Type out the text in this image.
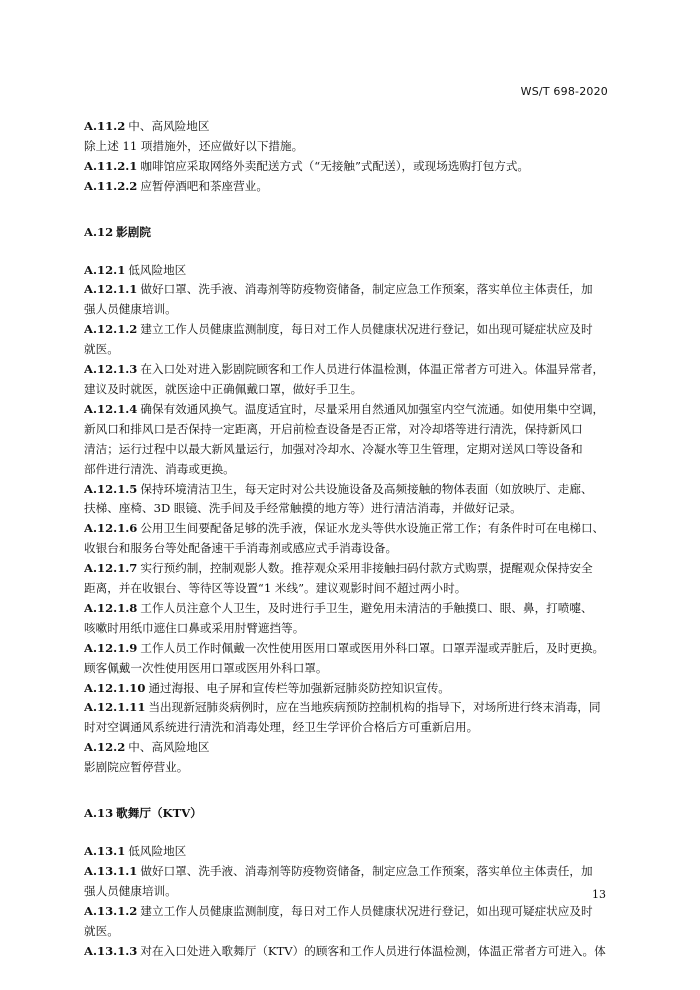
WS/T 698-2020

A.11.2 中、高风险地区

除上述 11 项措施外，还应做好以下措施。

A.11.2.1 咖啡馆应采取网络外卖配送方式（“无接触”式配送），或现场选购打包方式。

A.11.2.2 应暂停酒吧和茶座营业。

A.12 影剧院

A.12.1 低风险地区

A.12.1.1 做好口罩、洗手液、消毒剂等防疫物资储备，制定应急工作预案，落实单位主体责任，加

强人员健康培训。

A.12.1.2 建立工作人员健康监测制度，每日对工作人员健康状况进行登记，如出现可疑症状应及时

就医。

A.12.1.3 在入口处对进入影剧院顾客和工作人员进行体温检测，体温正常者方可进入。体温异常者，

建议及时就医，就医途中正确佩戴口罩，做好手卫生。

A.12.1.4 确保有效通风换气。温度适宜时，尽量采用自然通风加强室内空气流通。如使用集中空调，

新风口和排风口是否保持一定距离，开启前检查设备是否正常，对冷却塔等进行清洗，保持新风口

清洁；运行过程中以最大新风量运行，加强对冷却水、冷凝水等卫生管理，定期对送风口等设备和

部件进行清洗、消毒或更换。

A.12.1.5 保持环境清洁卫生，每天定时对公共设施设备及高频接触的物体表面（如放映厅、走廊、

扶梯、座椅、3D 眼镜、洗手间及手经常触摸的地方等）进行清洁消毒，并做好记录。

A.12.1.6 公用卫生间要配备足够的洗手液，保证水龙头等供水设施正常工作；有条件时可在电梯口、

收银台和服务台等处配备速干手消毒剂或感应式手消毒设备。

A.12.1.7 实行预约制，控制观影人数。推荐观众采用非接触扫码付款方式购票，提醒观众保持安全

距离，并在收银台、等待区等设置“1 米线”。建议观影时间不超过两小时。

A.12.1.8 工作人员注意个人卫生，及时进行手卫生，避免用未清洁的手触摸口、眼、鼻，打喷嚏、

咳嗽时用纸巾遮住口鼻或采用肘臂遮挡等。

A.12.1.9 工作人员工作时佩戴一次性使用医用口罩或医用外科口罩。口罩弄湿或弄脏后，及时更换。

顾客佩戴一次性使用医用口罩或医用外科口罩。

A.12.1.10 通过海报、电子屏和宣传栏等加强新冠肺炎防控知识宣传。

A.12.1.11 当出现新冠肺炎病例时，应在当地疾病预防控制机构的指导下，对场所进行终末消毒，同

时对空调通风系统进行清洗和消毒处理，经卫生学评价合格后方可重新启用。

A.12.2 中、高风险地区

影剧院应暂停营业。

A.13 歌舞厅（KTV）

A.13.1 低风险地区

A.13.1.1 做好口罩、洗手液、消毒剂等防疫物资储备，制定应急工作预案，落实单位主体责任，加

强人员健康培训。

A.13.1.2 建立工作人员健康监测制度，每日对工作人员健康状况进行登记，如出现可疑症状应及时

就医。

A.13.1.3 对在入口处进入歌舞厅（KTV）的顾客和工作人员进行体温检测，体温正常者方可进入。体

13
